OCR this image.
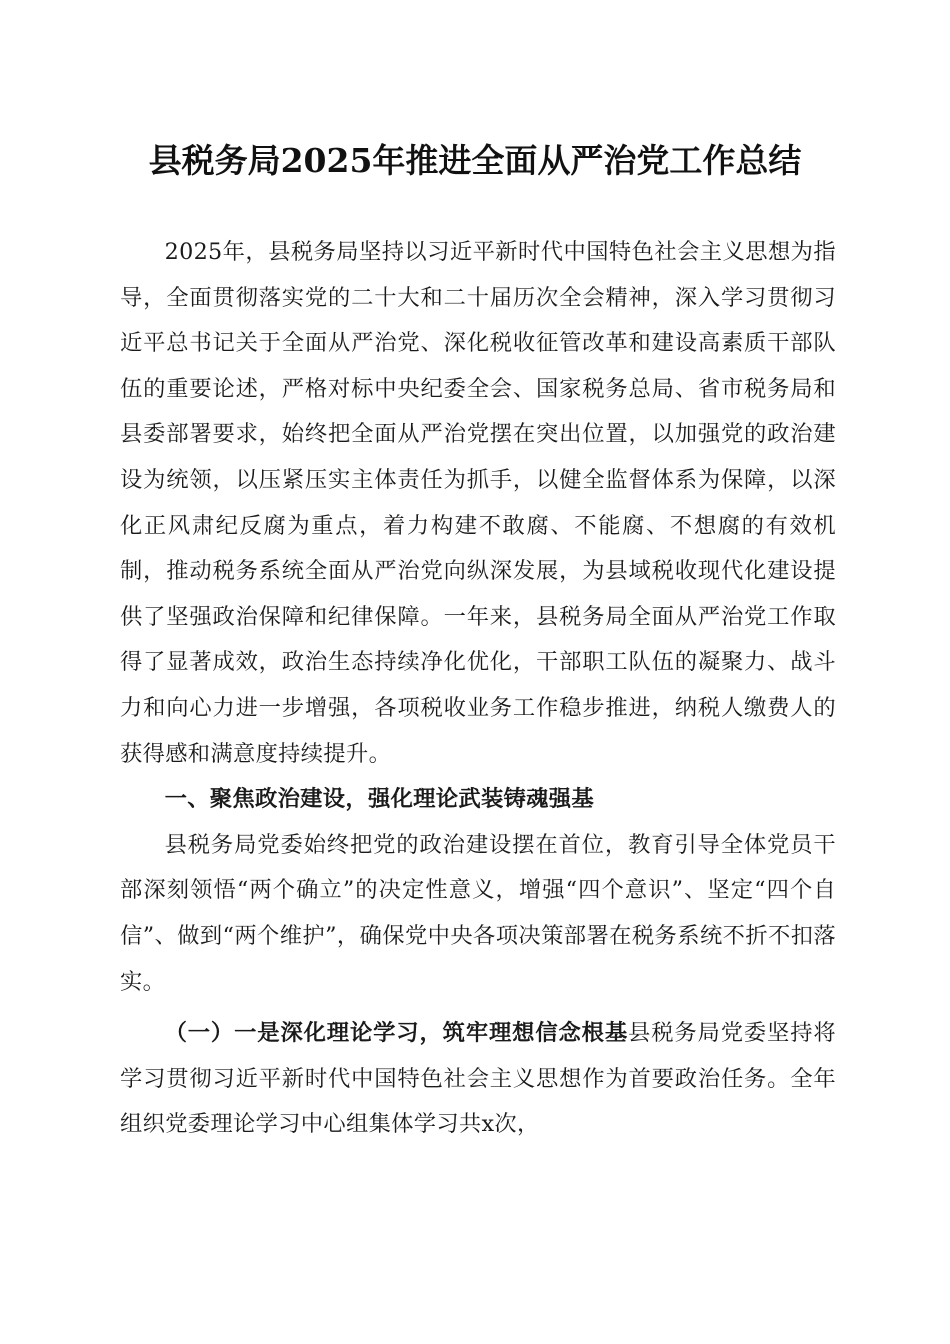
县税务局2025年推进全面从严治党工作总结

2025年，县税务局坚持以习近平新时代中国特色社会主义思想为指导，全面贯彻落实党的二十大和二十届历次全会精神，深入学习贯彻习近平总书记关于全面从严治党、深化税收征管改革和建设高素质干部队伍的重要论述，严格对标中央纪委全会、国家税务总局、省市税务局和县委部署要求，始终把全面从严治党摆在突出位置，以加强党的政治建设为统领，以压紧压实主体责任为抓手，以健全监督体系为保障，以深化正风肃纪反腐为重点，着力构建不敢腐、不能腐、不想腐的有效机制，推动税务系统全面从严治党向纵深发展，为县域税收现代化建设提供了坚强政治保障和纪律保障。一年来，县税务局全面从严治党工作取得了显著成效，政治生态持续净化优化，干部职工队伍的凝聚力、战斗力和向心力进一步增强，各项税收业务工作稳步推进，纳税人缴费人的获得感和满意度持续提升。

一、聚焦政治建设，强化理论武装铸魂强基

县税务局党委始终把党的政治建设摆在首位，教育引导全体党员干部深刻领悟“两个确立”的决定性意义，增强“四个意识”、坚定“四个自信”、做到“两个维护”，确保党中央各项决策部署在税务系统不折不扣落实。

（一）一是深化理论学习，筑牢理想信念根基县税务局党委坚持将学习贯彻习近平新时代中国特色社会主义思想作为首要政治任务。全年组织党委理论学习中心组集体学习共x次，
